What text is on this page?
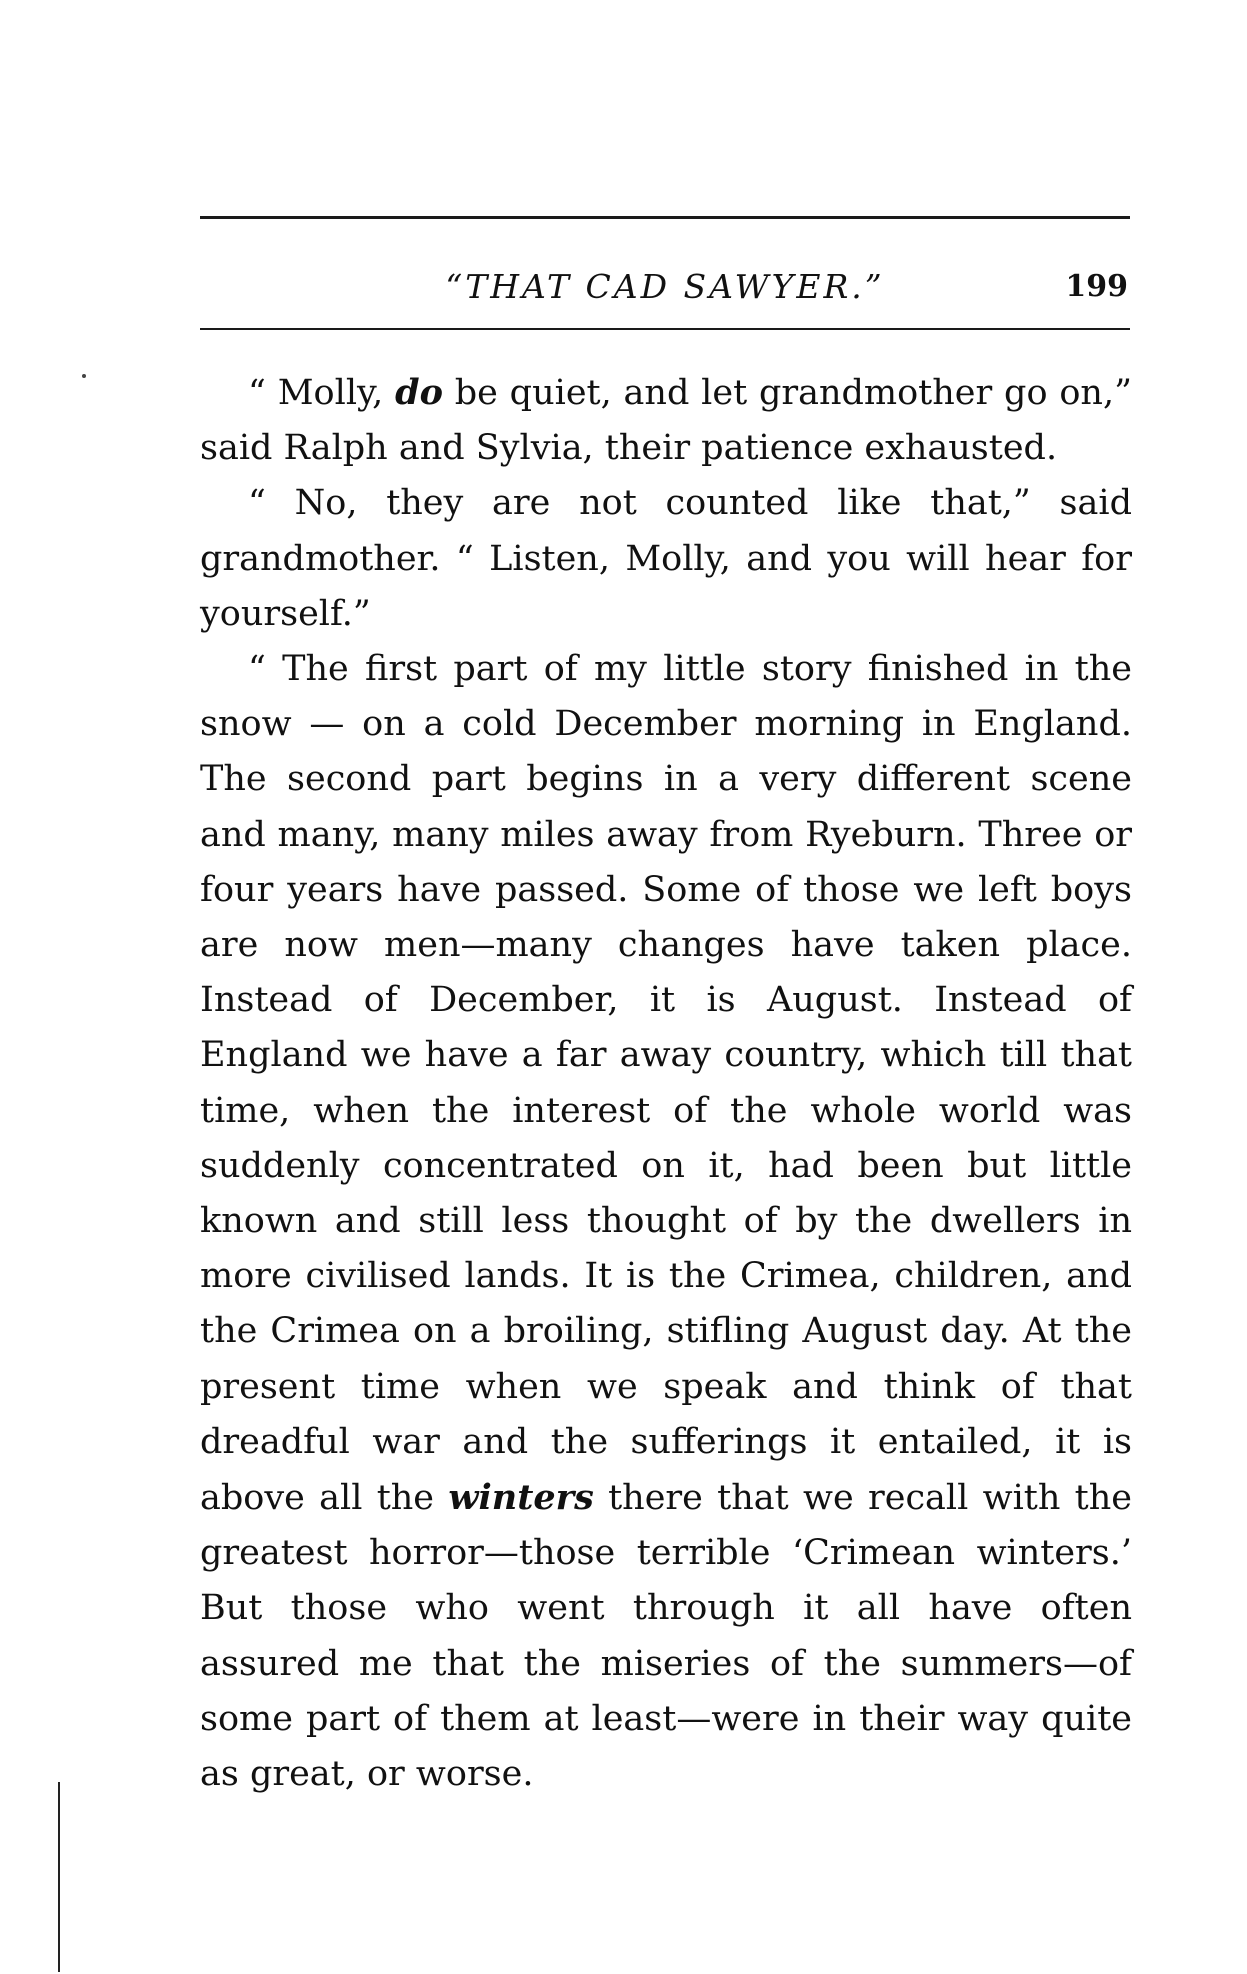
“THAT CAD SAWYER.”	199

“ Molly, do be quiet, and let grandmother go on,” said Ralph and Sylvia, their patience exhausted.

“ No, they are not counted like that,” said grandmother. “ Listen, Molly, and you will hear for yourself.”

“ The first part of my little story finished in the snow — on a cold December morning in England. The second part begins in a very different scene and many, many miles away from Ryeburn. Three or four years have passed. Some of those we left boys are now men—many changes have taken place. Instead of December, it is August. Instead of England we have a far away country, which till that time, when the interest of the whole world was suddenly concentrated on it, had been but little known and still less thought of by the dwellers in more civilised lands. It is the Crimea, children, and the Crimea on a broiling, stifling August day. At the present time when we speak and think of that dreadful war and the sufferings it entailed, it is above all the winters there that we recall with the greatest horror—those terrible ‘Crimean winters.’ But those who went through it all have often assured me that the miseries of the summers—of some part of them at least—were in their way quite as great, or worse.
